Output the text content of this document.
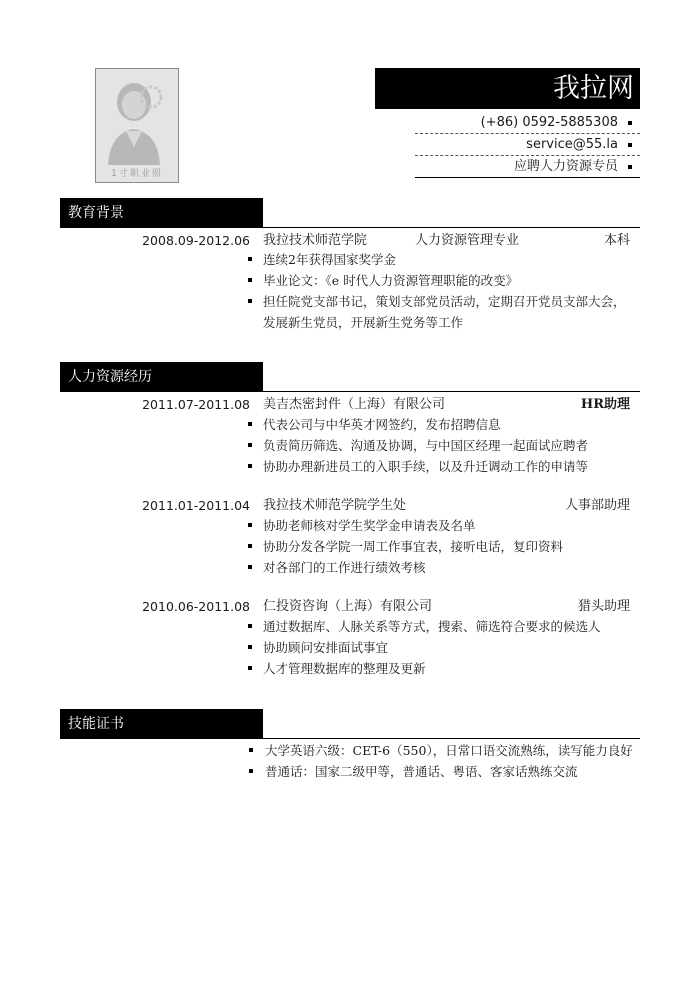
1寸职业照
我拉网
(+86) 0592-5885308
service@55.la
应聘人力资源专员
教育背景
2008.09-2012.06 我拉技术师范学院	人力资源管理专业	本科
连续2年获得国家奖学金
毕业论文：《e 时代人力资源管理职能的改变》
担任院党支部书记，策划支部党员活动，定期召开党员支部大会，发展新生党员，开展新生党务等工作
人力资源经历
2011.07-2011.08 美吉杰密封件（上海）有限公司	HR助理
代表公司与中华英才网签约，发布招聘信息
负责简历筛选、沟通及协调，与中国区经理一起面试应聘者
协助办理新进员工的入职手续，以及升迁调动工作的申请等
2011.01-2011.04 我拉技术师范学院学生处	人事部助理
协助老师核对学生奖学金申请表及名单
协助分发各学院一周工作事宜表，接听电话，复印资料
对各部门的工作进行绩效考核
2010.06-2011.08 仁投资咨询（上海）有限公司	猎头助理
通过数据库、人脉关系等方式，搜索、筛选符合要求的候选人
协助顾问安排面试事宜
人才管理数据库的整理及更新
技能证书
大学英语六级：CET-6（550），日常口语交流熟练，读写能力良好
普通话：国家二级甲等，普通话、粤语、客家话熟练交流
